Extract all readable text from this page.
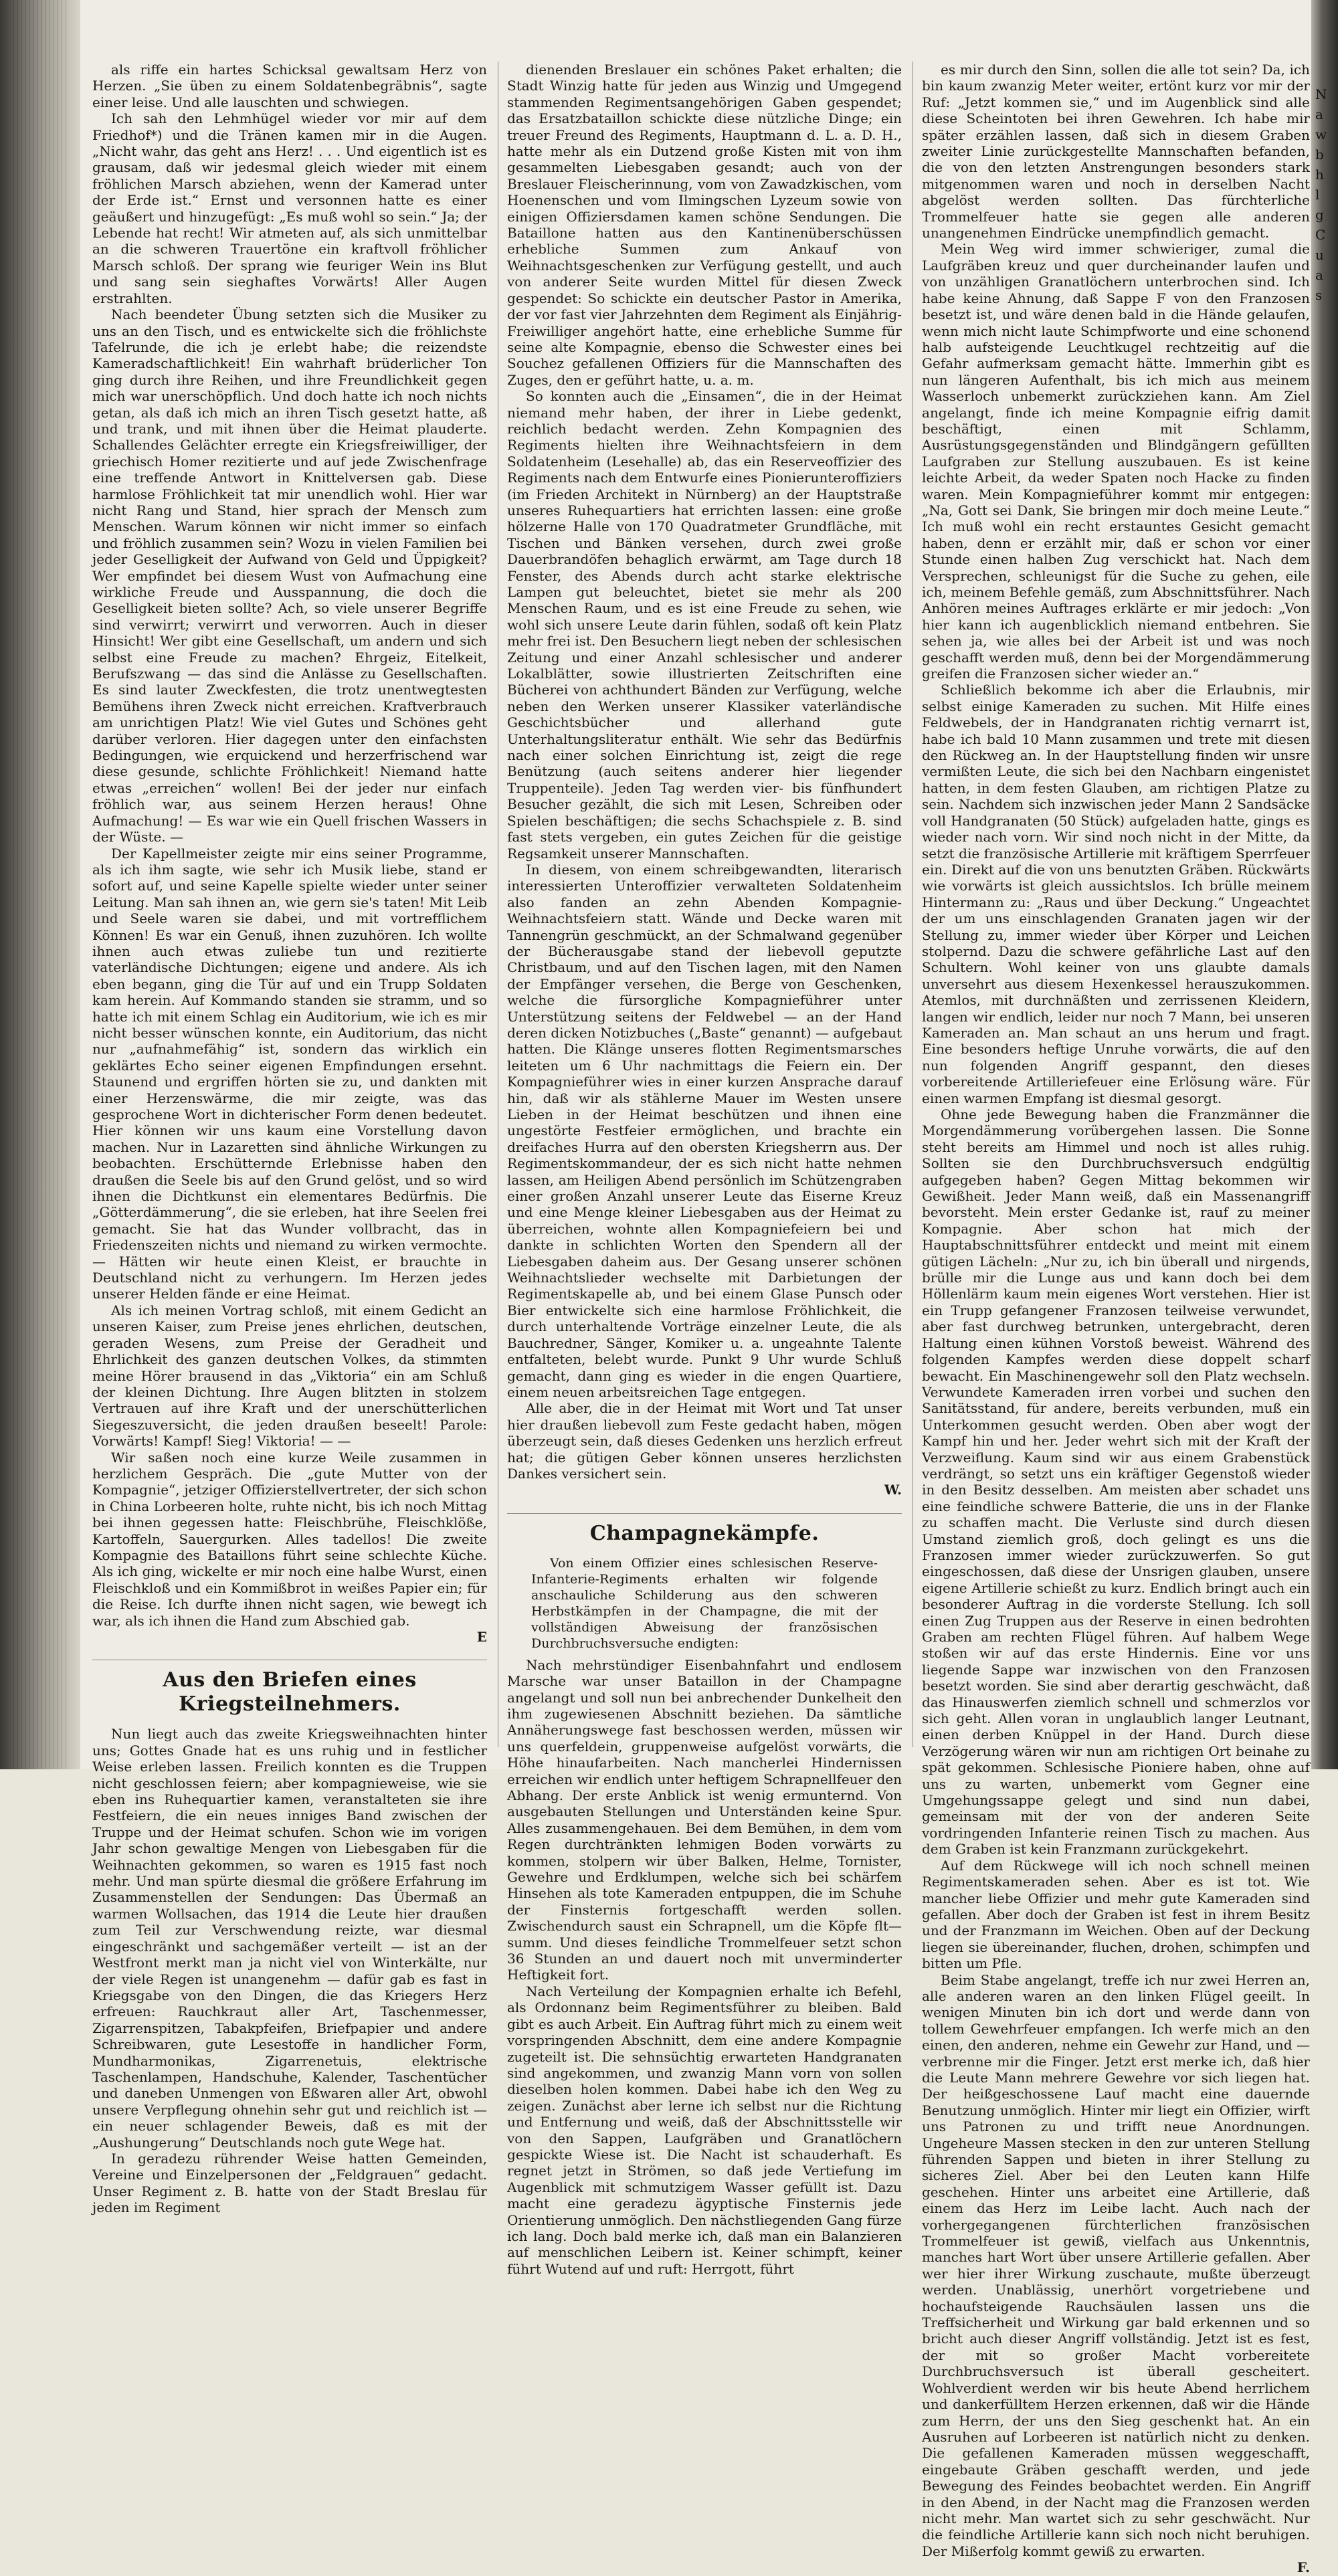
als riffe ein hartes Schicksal gewaltsam Herz von Herzen. „Sie üben zu einem Soldatenbegräbnis“, sagte einer leise. Und alle lauschten und schwiegen.

Ich sah den Lehmhügel wieder vor mir auf dem Friedhof*) und die Tränen kamen mir in die Augen. „Nicht wahr, das geht ans Herz! . . . Und eigentlich ist es grausam, daß wir jedesmal gleich wieder mit einem fröhlichen Marsch abziehen, wenn der Kamerad unter der Erde ist.“ Ernst und versonnen hatte es einer geäußert und hinzugefügt: „Es muß wohl so sein.“ Ja; der Lebende hat recht! Wir atmeten auf, als sich unmittelbar an die schweren Trauertöne ein kraftvoll fröhlicher Marsch schloß. Der sprang wie feuriger Wein ins Blut und sang sein sieghaftes Vorwärts! Aller Augen erstrahlten.

Nach beendeter Übung setzten sich die Musiker zu uns an den Tisch, und es entwickelte sich die fröhlichste Tafelrunde, die ich je erlebt habe; die reizendste Kameradschaftlichkeit! Ein wahrhaft brüderlicher Ton ging durch ihre Reihen, und ihre Freundlichkeit gegen mich war unerschöpflich. Und doch hatte ich noch nichts getan, als daß ich mich an ihren Tisch gesetzt hatte, aß und trank, und mit ihnen über die Heimat plauderte. Schallendes Gelächter erregte ein Kriegsfreiwilliger, der griechisch Homer rezitierte und auf jede Zwischenfrage eine treffende Antwort in Knittelversen gab. Diese harmlose Fröhlichkeit tat mir unendlich wohl. Hier war nicht Rang und Stand, hier sprach der Mensch zum Menschen. Warum können wir nicht immer so einfach und fröhlich zusammen sein? Wozu in vielen Familien bei jeder Geselligkeit der Aufwand von Geld und Üppigkeit? Wer empfindet bei diesem Wust von Aufmachung eine wirkliche Freude und Ausspannung, die doch die Geselligkeit bieten sollte? Ach, so viele unserer Begriffe sind verwirrt; verwirrt und verworren. Auch in dieser Hinsicht! Wer gibt eine Gesellschaft, um andern und sich selbst eine Freude zu machen? Ehrgeiz, Eitelkeit, Berufszwang — das sind die Anlässe zu Gesellschaften. Es sind lauter Zweckfesten, die trotz unentwegtesten Bemühens ihren Zweck nicht erreichen. Kraftverbrauch am unrichtigen Platz! Wie viel Gutes und Schönes geht darüber verloren. Hier dagegen unter den einfachsten Bedingungen, wie erquickend und herzerfrischend war diese gesunde, schlichte Fröhlichkeit! Niemand hatte etwas „erreichen“ wollen! Bei der jeder nur einfach fröhlich war, aus seinem Herzen heraus! Ohne Aufmachung! — Es war wie ein Quell frischen Wassers in der Wüste. —

Der Kapellmeister zeigte mir eins seiner Programme, als ich ihm sagte, wie sehr ich Musik liebe, stand er sofort auf, und seine Kapelle spielte wieder unter seiner Leitung. Man sah ihnen an, wie gern sie's taten! Mit Leib und Seele waren sie dabei, und mit vortrefflichem Können! Es war ein Genuß, ihnen zuzuhören. Ich wollte ihnen auch etwas zuliebe tun und rezitierte vaterländische Dichtungen; eigene und andere. Als ich eben begann, ging die Tür auf und ein Trupp Soldaten kam herein. Auf Kommando standen sie stramm, und so hatte ich mit einem Schlag ein Auditorium, wie ich es mir nicht besser wünschen konnte, ein Auditorium, das nicht nur „aufnahmefähig“ ist, sondern das wirklich ein geklärtes Echo seiner eigenen Empfindungen ersehnt. Staunend und ergriffen hörten sie zu, und dankten mit einer Herzenswärme, die mir zeigte, was das gesprochene Wort in dichterischer Form denen bedeutet. Hier können wir uns kaum eine Vorstellung davon machen. Nur in Lazaretten sind ähnliche Wirkungen zu beobachten. Erschütternde Erlebnisse haben den draußen die Seele bis auf den Grund gelöst, und so wird ihnen die Dichtkunst ein elementares Bedürfnis. Die „Götterdämmerung“, die sie erleben, hat ihre Seelen frei gemacht. Sie hat das Wunder vollbracht, das in Friedenszeiten nichts und niemand zu wirken vermochte. — Hätten wir heute einen Kleist, er brauchte in Deutschland nicht zu verhungern. Im Herzen jedes unserer Helden fände er eine Heimat.

Als ich meinen Vortrag schloß, mit einem Gedicht an unseren Kaiser, zum Preise jenes ehrlichen, deutschen, geraden Wesens, zum Preise der Geradheit und Ehrlichkeit des ganzen deutschen Volkes, da stimmten meine Hörer brausend in das „Viktoria“ ein am Schluß der kleinen Dichtung. Ihre Augen blitzten in stolzem Vertrauen auf ihre Kraft und der unerschütterlichen Siegeszuversicht, die jeden draußen beseelt! Parole: Vorwärts! Kampf! Sieg! Viktoria! — —

Wir saßen noch eine kurze Weile zusammen in herzlichem Gespräch. Die „gute Mutter von der Kompagnie“, jetziger Offizierstellvertreter, der sich schon in China Lorbeeren holte, ruhte nicht, bis ich noch Mittag bei ihnen gegessen hatte: Fleischbrühe, Fleischklöße, Kartoffeln, Sauergurken. Alles tadellos! Die zweite Kompagnie des Bataillons führt seine schlechte Küche. Als ich ging, wickelte er mir noch eine halbe Wurst, einen Fleischkloß und ein Kommißbrot in weißes Papier ein; für die Reise. Ich durfte ihnen nicht sagen, wie bewegt ich war, als ich ihnen die Hand zum Abschied gab.

E

Aus den Briefen eines Kriegsteilnehmers.

Nun liegt auch das zweite Kriegsweihnachten hinter uns; Gottes Gnade hat es uns ruhig und in festlicher Weise erleben lassen. Freilich konnten es die Truppen nicht geschlossen feiern; aber kompagnieweise, wie sie eben ins Ruhequartier kamen, veranstalteten sie ihre Festfeiern, die ein neues inniges Band zwischen der Truppe und der Heimat schufen. Schon wie im vorigen Jahr schon gewaltige Mengen von Liebesgaben für die Weihnachten gekommen, so waren es 1915 fast noch mehr. Und man spürte diesmal die größere Erfahrung im Zusammenstellen der Sendungen: Das Übermaß an warmen Wollsachen, das 1914 die Leute hier draußen zum Teil zur Verschwendung reizte, war diesmal eingeschränkt und sachgemäßer verteilt — ist an der Westfront merkt man ja nicht viel von Winterkälte, nur der viele Regen ist unangenehm — dafür gab es fast in Kriegsgabe von den Dingen, die das Kriegers Herz erfreuen: Rauchkraut aller Art, Taschenmesser, Zigarrenspitzen, Tabakpfeifen, Briefpapier und andere Schreibwaren, gute Lesestoffe in handlicher Form, Mundharmonikas, Zigarrenetuis, elektrische Taschenlampen, Handschuhe, Kalender, Taschentücher und daneben Unmengen von Eßwaren aller Art, obwohl unsere Verpflegung ohnehin sehr gut und reichlich ist — ein neuer schlagender Beweis, daß es mit der „Aushungerung“ Deutschlands noch gute Wege hat.

In geradezu rührender Weise hatten Gemeinden, Vereine und Einzelpersonen der „Feldgrauen“ gedacht. Unser Regiment z. B. hatte von der Stadt Breslau für jeden im Regiment

dienenden Breslauer ein schönes Paket erhalten; die Stadt Winzig hatte für jeden aus Winzig und Umgegend stammenden Regimentsangehörigen Gaben gespendet; das Ersatzbataillon schickte diese nützliche Dinge; ein treuer Freund des Regiments, Hauptmann d. L. a. D. H., hatte mehr als ein Dutzend große Kisten mit von ihm gesammelten Liebesgaben gesandt; auch von der Breslauer Fleischerinnung, vom von Zawadzkischen, vom Hoenenschen und vom Ilmingschen Lyzeum sowie von einigen Offiziersdamen kamen schöne Sendungen. Die Bataillone hatten aus den Kantinenüberschüssen erhebliche Summen zum Ankauf von Weihnachtsgeschenken zur Verfügung gestellt, und auch von anderer Seite wurden Mittel für diesen Zweck gespendet: So schickte ein deutscher Pastor in Amerika, der vor fast vier Jahrzehnten dem Regiment als Einjährig-Freiwilliger angehört hatte, eine erhebliche Summe für seine alte Kompagnie, ebenso die Schwester eines bei Souchez gefallenen Offiziers für die Mannschaften des Zuges, den er geführt hatte, u. a. m.

So konnten auch die „Einsamen“, die in der Heimat niemand mehr haben, der ihrer in Liebe gedenkt, reichlich bedacht werden. Zehn Kompagnien des Regiments hielten ihre Weihnachtsfeiern in dem Soldatenheim (Lesehalle) ab, das ein Reserveoffizier des Regiments nach dem Entwurfe eines Pionierunteroffiziers (im Frieden Architekt in Nürnberg) an der Hauptstraße unseres Ruhequartiers hat errichten lassen: eine große hölzerne Halle von 170 Quadratmeter Grundfläche, mit Tischen und Bänken versehen, durch zwei große Dauerbrandöfen behaglich erwärmt, am Tage durch 18 Fenster, des Abends durch acht starke elektrische Lampen gut beleuchtet, bietet sie mehr als 200 Menschen Raum, und es ist eine Freude zu sehen, wie wohl sich unsere Leute darin fühlen, sodaß oft kein Platz mehr frei ist. Den Besuchern liegt neben der schlesischen Zeitung und einer Anzahl schlesischer und anderer Lokalblätter, sowie illustrierten Zeitschriften eine Bücherei von achthundert Bänden zur Verfügung, welche neben den Werken unserer Klassiker vaterländische Geschichtsbücher und allerhand gute Unterhaltungsliteratur enthält. Wie sehr das Bedürfnis nach einer solchen Einrichtung ist, zeigt die rege Benützung (auch seitens anderer hier liegender Truppenteile). Jeden Tag werden vier- bis fünfhundert Besucher gezählt, die sich mit Lesen, Schreiben oder Spielen beschäftigen; die sechs Schachspiele z. B. sind fast stets vergeben, ein gutes Zeichen für die geistige Regsamkeit unserer Mannschaften.

In diesem, von einem schreibgewandten, literarisch interessierten Unteroffizier verwalteten Soldatenheim also fanden an zehn Abenden Kompagnie-Weihnachtsfeiern statt. Wände und Decke waren mit Tannengrün geschmückt, an der Schmalwand gegenüber der Bücherausgabe stand der liebevoll geputzte Christbaum, und auf den Tischen lagen, mit den Namen der Empfänger versehen, die Berge von Geschenken, welche die fürsorgliche Kompagnieführer unter Unterstützung seitens der Feldwebel — an der Hand deren dicken Notizbuches („Baste“ genannt) — aufgebaut hatten. Die Klänge unseres flotten Regimentsmarsches leiteten um 6 Uhr nachmittags die Feiern ein. Der Kompagnieführer wies in einer kurzen Ansprache darauf hin, daß wir als stählerne Mauer im Westen unsere Lieben in der Heimat beschützen und ihnen eine ungestörte Festfeier ermöglichen, und brachte ein dreifaches Hurra auf den obersten Kriegsherrn aus. Der Regimentskommandeur, der es sich nicht hatte nehmen lassen, am Heiligen Abend persönlich im Schützengraben einer großen Anzahl unserer Leute das Eiserne Kreuz und eine Menge kleiner Liebesgaben aus der Heimat zu überreichen, wohnte allen Kompagniefeiern bei und dankte in schlichten Worten den Spendern all der Liebesgaben daheim aus. Der Gesang unserer schönen Weihnachtslieder wechselte mit Darbietungen der Regimentskapelle ab, und bei einem Glase Punsch oder Bier entwickelte sich eine harmlose Fröhlichkeit, die durch unterhaltende Vorträge einzelner Leute, die als Bauchredner, Sänger, Komiker u. a. ungeahnte Talente entfalteten, belebt wurde. Punkt 9 Uhr wurde Schluß gemacht, dann ging es wieder in die engen Quartiere, einem neuen arbeitsreichen Tage entgegen.

Alle aber, die in der Heimat mit Wort und Tat unser hier draußen liebevoll zum Feste gedacht haben, mögen überzeugt sein, daß dieses Gedenken uns herzlich erfreut hat; die gütigen Geber können unseres herzlichsten Dankes versichert sein.

W.

Champagnekämpfe.

Von einem Offizier eines schlesischen Reserve-Infanterie-Regiments erhalten wir folgende anschauliche Schilderung aus den schweren Herbstkämpfen in der Champagne, die mit der vollständigen Abweisung der französischen Durchbruchsversuche endigten:

Nach mehrstündiger Eisenbahnfahrt und endlosem Marsche war unser Bataillon in der Champagne angelangt und soll nun bei anbrechender Dunkelheit den ihm zugewiesenen Abschnitt beziehen. Da sämtliche Annäherungswege fast beschossen werden, müssen wir uns querfeldein, gruppenweise aufgelöst vorwärts, die Höhe hinaufarbeiten. Nach mancherlei Hindernissen erreichen wir endlich unter heftigem Schrapnellfeuer den Abhang. Der erste Anblick ist wenig ermunternd. Von ausgebauten Stellungen und Unterständen keine Spur. Alles zusammengehauen. Bei dem Bemühen, in dem vom Regen durchtränkten lehmigen Boden vorwärts zu kommen, stolpern wir über Balken, Helme, Tornister, Gewehre und Erdklumpen, welche sich bei schärfem Hinsehen als tote Kameraden entpuppen, die im Schuhe der Finsternis fortgeschafft werden sollen. Zwischendurch saust ein Schrapnell, um die Köpfe flt—summ. Und dieses feindliche Trommelfeuer setzt schon 36 Stunden an und dauert noch mit unverminderter Heftigkeit fort.

Nach Verteilung der Kompagnien erhalte ich Befehl, als Ordonnanz beim Regimentsführer zu bleiben. Bald gibt es auch Arbeit. Ein Auftrag führt mich zu einem weit vorspringenden Abschnitt, dem eine andere Kompagnie zugeteilt ist. Die sehnsüchtig erwarteten Handgranaten sind angekommen, und zwanzig Mann vorn von sollen dieselben holen kommen. Dabei habe ich den Weg zu zeigen. Zunächst aber lerne ich selbst nur die Richtung und Entfernung und weiß, daß der Abschnittsstelle wir von den Sappen, Laufgräben und Granatlöchern gespickte Wiese ist. Die Nacht ist schauderhaft. Es regnet jetzt in Strömen, so daß jede Vertiefung im Augenblick mit schmutzigem Wasser gefüllt ist. Dazu macht eine geradezu ägyptische Finsternis jede Orientierung unmöglich. Den nächstliegenden Gang fürze ich lang. Doch bald merke ich, daß man ein Balanzieren auf menschlichen Leibern ist. Keiner schimpft, keiner führt Wutend auf und ruft: Herrgott, führt

es mir durch den Sinn, sollen die alle tot sein? Da, ich bin kaum zwanzig Meter weiter, ertönt kurz vor mir der Ruf: „Jetzt kommen sie,“ und im Augenblick sind alle diese Scheintoten bei ihren Gewehren. Ich habe mir später erzählen lassen, daß sich in diesem Graben zweiter Linie zurückgestellte Mannschaften befanden, die von den letzten Anstrengungen besonders stark mitgenommen waren und noch in derselben Nacht abgelöst werden sollten. Das fürchterliche Trommelfeuer hatte sie gegen alle anderen unangenehmen Eindrücke unempfindlich gemacht.

Mein Weg wird immer schwieriger, zumal die Laufgräben kreuz und quer durcheinander laufen und von unzähligen Granatlöchern unterbrochen sind. Ich habe keine Ahnung, daß Sappe F von den Franzosen besetzt ist, und wäre denen bald in die Hände gelaufen, wenn mich nicht laute Schimpfworte und eine schonend halb aufsteigende Leuchtkugel rechtzeitig auf die Gefahr aufmerksam gemacht hätte. Immerhin gibt es nun längeren Aufenthalt, bis ich mich aus meinem Wasserloch unbemerkt zurückziehen kann. Am Ziel angelangt, finde ich meine Kompagnie eifrig damit beschäftigt, einen mit Schlamm, Ausrüstungsgegenständen und Blindgängern gefüllten Laufgraben zur Stellung auszubauen. Es ist keine leichte Arbeit, da weder Spaten noch Hacke zu finden waren. Mein Kompagnieführer kommt mir entgegen: „Na, Gott sei Dank, Sie bringen mir doch meine Leute.“ Ich muß wohl ein recht erstauntes Gesicht gemacht haben, denn er erzählt mir, daß er schon vor einer Stunde einen halben Zug verschickt hat. Nach dem Versprechen, schleunigst für die Suche zu gehen, eile ich, meinem Befehle gemäß, zum Abschnittsführer. Nach Anhören meines Auftrages erklärte er mir jedoch: „Von hier kann ich augenblicklich niemand entbehren. Sie sehen ja, wie alles bei der Arbeit ist und was noch geschafft werden muß, denn bei der Morgendämmerung greifen die Franzosen sicher wieder an.“

Schließlich bekomme ich aber die Erlaubnis, mir selbst einige Kameraden zu suchen. Mit Hilfe eines Feldwebels, der in Handgranaten richtig vernarrt ist, habe ich bald 10 Mann zusammen und trete mit diesen den Rückweg an. In der Hauptstellung finden wir unsre vermißten Leute, die sich bei den Nachbarn eingenistet hatten, in dem festen Glauben, am richtigen Platze zu sein. Nachdem sich inzwischen jeder Mann 2 Sandsäcke voll Handgranaten (50 Stück) aufgeladen hatte, gings es wieder nach vorn. Wir sind noch nicht in der Mitte, da setzt die französische Artillerie mit kräftigem Sperrfeuer ein. Direkt auf die von uns benutzten Gräben. Rückwärts wie vorwärts ist gleich aussichtslos. Ich brülle meinem Hintermann zu: „Raus und über Deckung.“ Ungeachtet der um uns einschlagenden Granaten jagen wir der Stellung zu, immer wieder über Körper und Leichen stolpernd. Dazu die schwere gefährliche Last auf den Schultern. Wohl keiner von uns glaubte damals unversehrt aus diesem Hexenkessel herauszukommen. Atemlos, mit durchnäßten und zerrissenen Kleidern, langen wir endlich, leider nur noch 7 Mann, bei unseren Kameraden an. Man schaut an uns herum und fragt. Eine besonders heftige Unruhe vorwärts, die auf den nun folgenden Angriff gespannt, den dieses vorbereitende Artilleriefeuer eine Erlösung wäre. Für einen warmen Empfang ist diesmal gesorgt.

Ohne jede Bewegung haben die Franzmänner die Morgendämmerung vorübergehen lassen. Die Sonne steht bereits am Himmel und noch ist alles ruhig. Sollten sie den Durchbruchsversuch endgültig aufgegeben haben? Gegen Mittag bekommen wir Gewißheit. Jeder Mann weiß, daß ein Massenangriff bevorsteht. Mein erster Gedanke ist, rauf zu meiner Kompagnie. Aber schon hat mich der Hauptabschnittsführer entdeckt und meint mit einem gütigen Lächeln: „Nur zu, ich bin überall und nirgends, brülle mir die Lunge aus und kann doch bei dem Höllenlärm kaum mein eigenes Wort verstehen. Hier ist ein Trupp gefangener Franzosen teilweise verwundet, aber fast durchweg betrunken, untergebracht, deren Haltung einen kühnen Vorstoß beweist. Während des folgenden Kampfes werden diese doppelt scharf bewacht. Ein Maschinengewehr soll den Platz wechseln. Verwundete Kameraden irren vorbei und suchen den Sanitätsstand, für andere, bereits verbunden, muß ein Unterkommen gesucht werden. Oben aber wogt der Kampf hin und her. Jeder wehrt sich mit der Kraft der Verzweiflung. Kaum sind wir aus einem Grabenstück verdrängt, so setzt uns ein kräftiger Gegenstoß wieder in den Besitz desselben. Am meisten aber schadet uns eine feindliche schwere Batterie, die uns in der Flanke zu schaffen macht. Die Verluste sind durch diesen Umstand ziemlich groß, doch gelingt es uns die Franzosen immer wieder zurückzuwerfen. So gut eingeschossen, daß diese der Unsrigen glauben, unsere eigene Artillerie schießt zu kurz. Endlich bringt auch ein besonderer Auftrag in die vorderste Stellung. Ich soll einen Zug Truppen aus der Reserve in einen bedrohten Graben am rechten Flügel führen. Auf halbem Wege stoßen wir auf das erste Hindernis. Eine vor uns liegende Sappe war inzwischen von den Franzosen besetzt worden. Sie sind aber derartig geschwächt, daß das Hinauswerfen ziemlich schnell und schmerzlos vor sich geht. Allen voran in unglaublich langer Leutnant, einen derben Knüppel in der Hand. Durch diese Verzögerung wären wir nun am richtigen Ort beinahe zu spät gekommen. Schlesische Pioniere haben, ohne auf uns zu warten, unbemerkt vom Gegner eine Umgehungssappe gelegt und sind nun dabei, gemeinsam mit der von der anderen Seite vordringenden Infanterie reinen Tisch zu machen. Aus dem Graben ist kein Franzmann zurückgekehrt.

Auf dem Rückwege will ich noch schnell meinen Regimentskameraden sehen. Aber es ist tot. Wie mancher liebe Offizier und mehr gute Kameraden sind gefallen. Aber doch der Graben ist fest in ihrem Besitz und der Franzmann im Weichen. Oben auf der Deckung liegen sie übereinander, fluchen, drohen, schimpfen und bitten um Pfle.

Beim Stabe angelangt, treffe ich nur zwei Herren an, alle anderen waren an den linken Flügel geeilt. In wenigen Minuten bin ich dort und werde dann von tollem Gewehrfeuer empfangen. Ich werfe mich an den einen, den anderen, nehme ein Gewehr zur Hand, und — verbrenne mir die Finger. Jetzt erst merke ich, daß hier die Leute Mann mehrere Gewehre vor sich liegen hat. Der heißgeschossene Lauf macht eine dauernde Benutzung unmöglich. Hinter mir liegt ein Offizier, wirft uns Patronen zu und trifft neue Anordnungen. Ungeheure Massen stecken in den zur unteren Stellung führenden Sappen und bieten in ihrer Stellung zu sicheres Ziel. Aber bei den Leuten kann Hilfe geschehen. Hinter uns arbeitet eine Artillerie, daß einem das Herz im Leibe lacht. Auch nach der vorhergegangenen fürchterlichen französischen Trommelfeuer ist gewiß, vielfach aus Unkenntnis, manches hart Wort über unsere Artillerie gefallen. Aber wer hier ihrer Wirkung zuschaute, mußte überzeugt werden. Unablässig, unerhört vorgetriebene und hochaufsteigende Rauchsäulen lassen uns die Treffsicherheit und Wirkung gar bald erkennen und so bricht auch dieser Angriff vollständig. Jetzt ist es fest, der mit so großer Macht vorbereitete Durchbruchsversuch ist überall gescheitert. Wohlverdient werden wir bis heute Abend herrlichem und dankerfülltem Herzen erkennen, daß wir die Hände zum Herrn, der uns den Sieg geschenkt hat. An ein Ausruhen auf Lorbeeren ist natürlich nicht zu denken. Die gefallenen Kameraden müssen weggeschafft, eingebaute Gräben geschafft werden, und jede Bewegung des Feindes beobachtet werden. Ein Angriff in den Abend, in der Nacht mag die Franzosen werden nicht mehr. Man wartet sich zu sehr geschwächt. Nur die feindliche Artillerie kann sich noch nicht beruhigen. Der Mißerfolg kommt gewiß zu erwarten.

F.

N
a
w
b
h
l
g
C
u
a
s
